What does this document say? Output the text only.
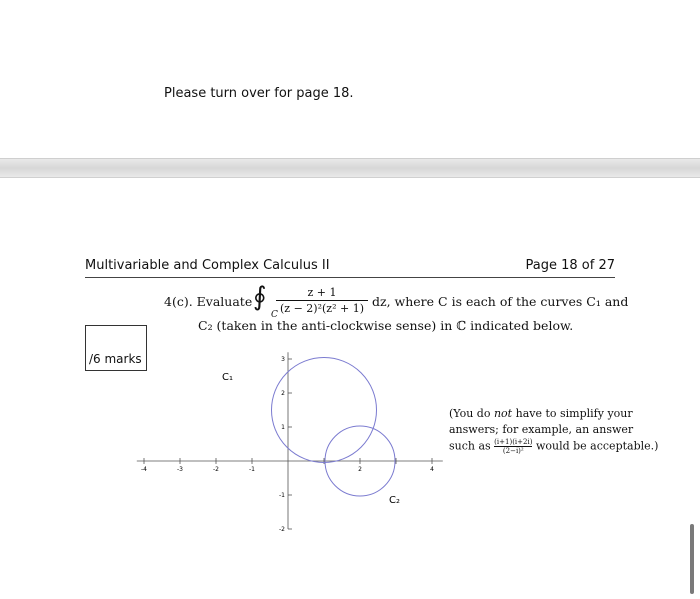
Please turn over for page 18.
Multivariable and Complex Calculus II	Page 18 of 27
4(c). Evaluate ∮
C
z + 1
(z − 2)²(z² + 1) dz, where C is each of the curves C₁ and
C₂ (taken in the anti-clockwise sense) in ℂ indicated below.
/6 marks
-4	-3	-2	-1	2	4
3
2
1
-1
-2
C₁
C₂
(You do not have to simplify your answers; for example, an answer such as $\frac{(i+1)(i+2i)}{\text{(2−i)²}}$ would be acceptable.)
